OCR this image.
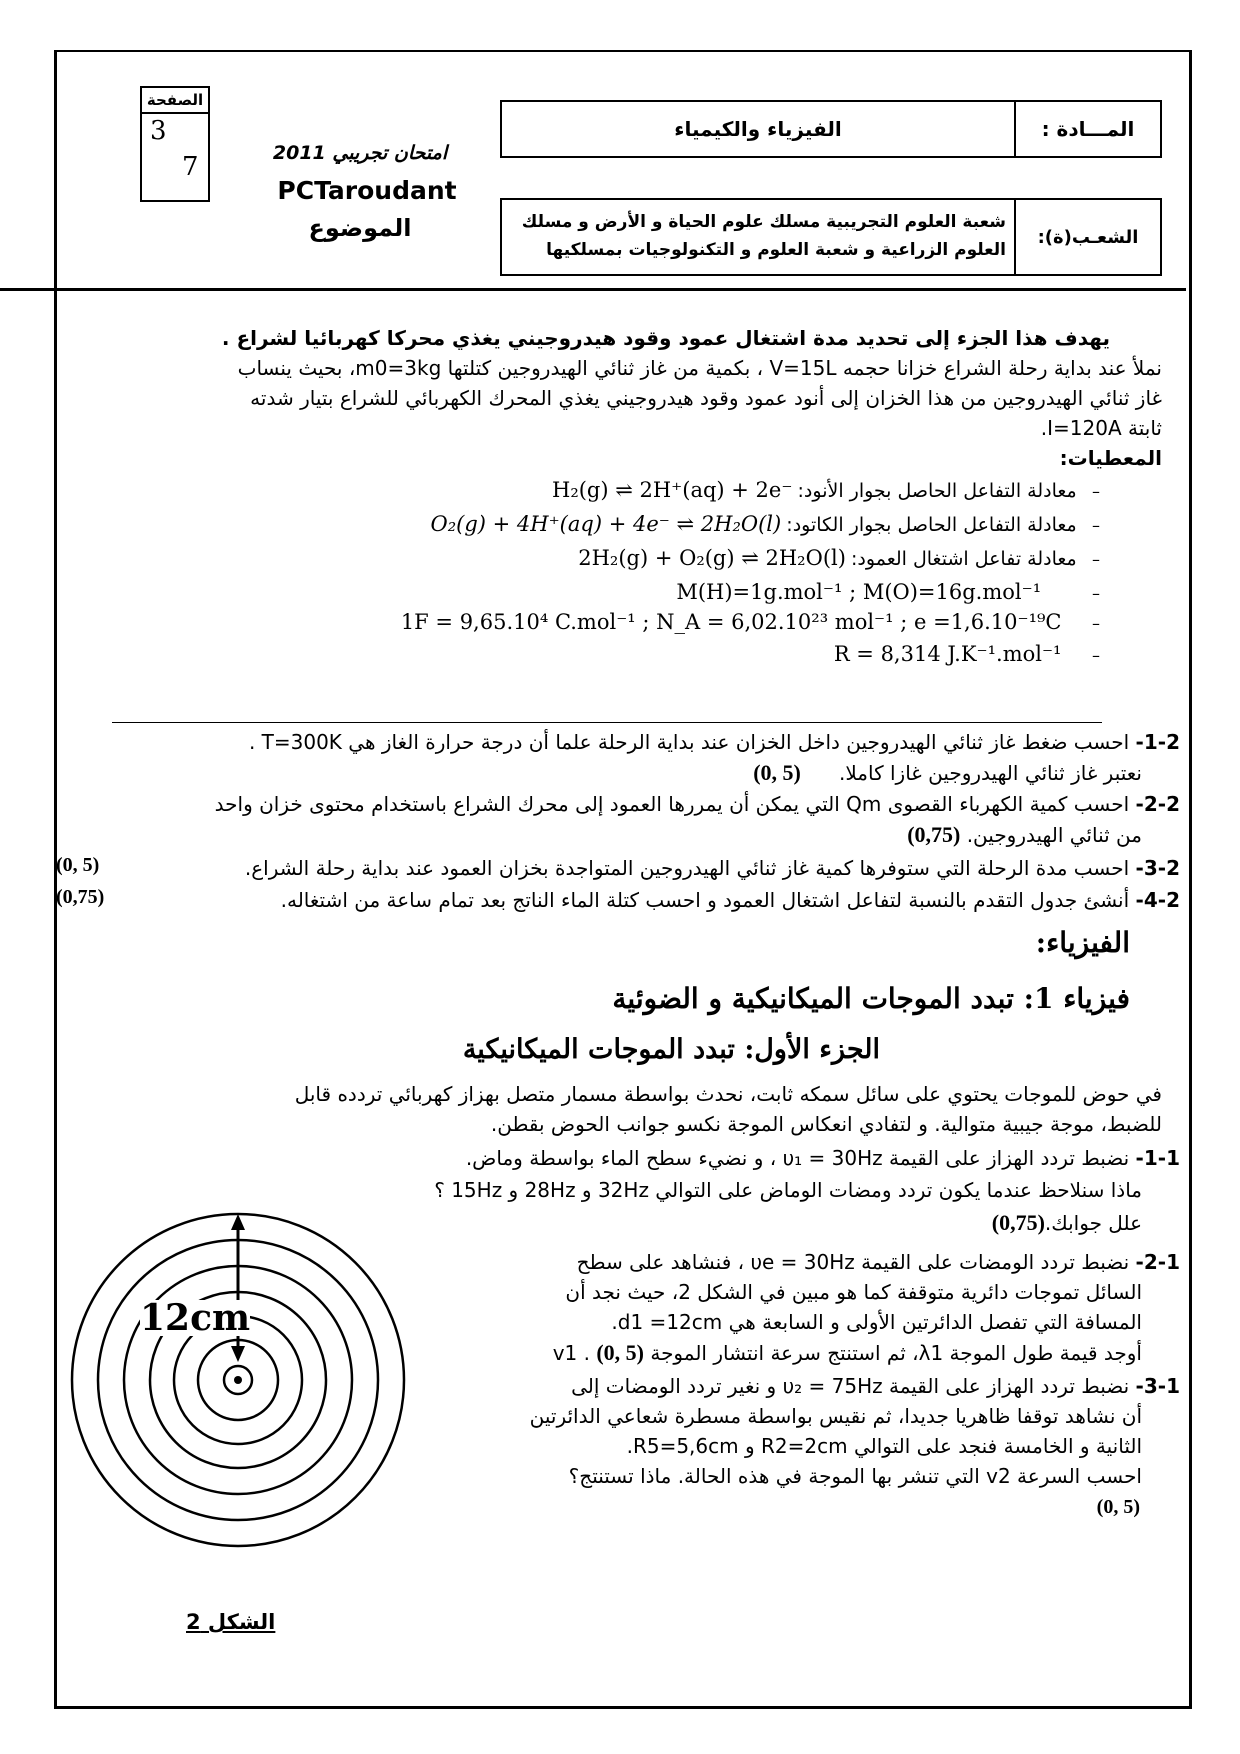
الصفحة
3
7	امتحان تجريبي 2011
PCTaroudant
الموضوع
الفيزياء والكيمياء	المـــادة :
شعبة العلوم التجريبية مسلك علوم الحياة و الأرض و مسلك
العلوم الزراعية و شعبة العلوم و التكنولوجيات بمسلكيها
الشعـب(ة):

يهدف هذا الجزء إلى تحديد مدة اشتغال عمود وقود هيدروجيني يغذي محركا كهربائيا لشراع .

نملأ عند بداية رحلة الشراع خزانا حجمه V=15L ، بكمية من غاز ثنائي الهيدروجين كتلتها m0=3kg، بحيث ينساب

غاز ثنائي الهيدروجين من هذا الخزان إلى أنود عمود وقود هيدروجيني يغذي المحرك الكهربائي للشراع بتيار شدته

ثابتة I=120A.

المعطيات:

–   معادلة التفاعل الحاصل بجوار الأنود: H₂(g) ⇌ 2H⁺(aq) + 2e⁻
–   معادلة التفاعل الحاصل بجوار الكاتود: O₂(g) + 4H⁺(aq) + 4e⁻ ⇌ 2H₂O(l)
–   معادلة تفاعل اشتغال العمود: 2H₂(g) + O₂(g) ⇌ 2H₂O(l)
M(H)=1g.mol⁻¹ ; M(O)=16g.mol⁻¹          –
1F = 9,65.10⁴ C.mol⁻¹ ; N_A = 6,02.10²³ mol⁻¹ ; e =1,6.10⁻¹⁹C      –
R = 8,314 J.K⁻¹.mol⁻¹      –

1-2- احسب ضغط غاز ثنائي الهيدروجين داخل الخزان عند بداية الرحلة علما أن درجة حرارة الغاز هي T=300K .

نعتبر غاز ثنائي الهيدروجين غازا كاملا.      (0, 5)

2-2- احسب كمية الكهرباء القصوى Qm التي يمكن أن يمررها العمود إلى محرك الشراع باستخدام محتوى خزان واحد

من ثنائي الهيدروجين. (0,75)

3-2- احسب مدة الرحلة التي ستوفرها كمية غاز ثنائي الهيدروجين المتواجدة بخزان العمود عند بداية رحلة الشراع.

(0, 5)

4-2- أنشئ جدول التقدم بالنسبة لتفاعل اشتغال العمود و احسب كتلة الماء الناتج بعد تمام ساعة من اشتغاله.

(0,75)

الفيزياء:

فيزياء 1: تبدد الموجات الميكانيكية و الضوئية

الجزء الأول: تبدد الموجات الميكانيكية

في حوض للموجات يحتوي على سائل سمكه ثابت، نحدث بواسطة مسمار متصل بهزاز كهربائي تردده قابل

للضبط، موجة جيبية متوالية. و لتفادي انعكاس الموجة نكسو جوانب الحوض بقطن.

1-1- نضبط تردد الهزاز على القيمة υ₁ = 30Hz ، و نضيء سطح الماء بواسطة وماض.

ماذا سنلاحظ عندما يكون تردد ومضات الوماض على التوالي 32Hz و 28Hz و 15Hz ؟

علل جوابك.(0,75)

2-1- نضبط تردد الومضات على القيمة υe = 30Hz ، فنشاهد على سطح

السائل تموجات دائرية متوقفة كما هو مبين في الشكل 2، حيث نجد أن

المسافة التي تفصل الدائرتين الأولى و السابعة هي d1 =12cm.

أوجد قيمة طول الموجة λ1، ثم استنتج سرعة انتشار الموجة v1 . (0, 5)

3-1- نضبط تردد الهزاز على القيمة υ₂ = 75Hz و نغير تردد الومضات إلى

أن نشاهد توقفا ظاهريا جديدا، ثم نقيس بواسطة مسطرة شعاعي الدائرتين

الثانية و الخامسة فنجد على التوالي R2=2cm و R5=5,6cm.

احسب السرعة v2 التي تنشر بها الموجة في هذه الحالة. ماذا تستنتج؟

(0, 5)

12cm
الشكل 2
